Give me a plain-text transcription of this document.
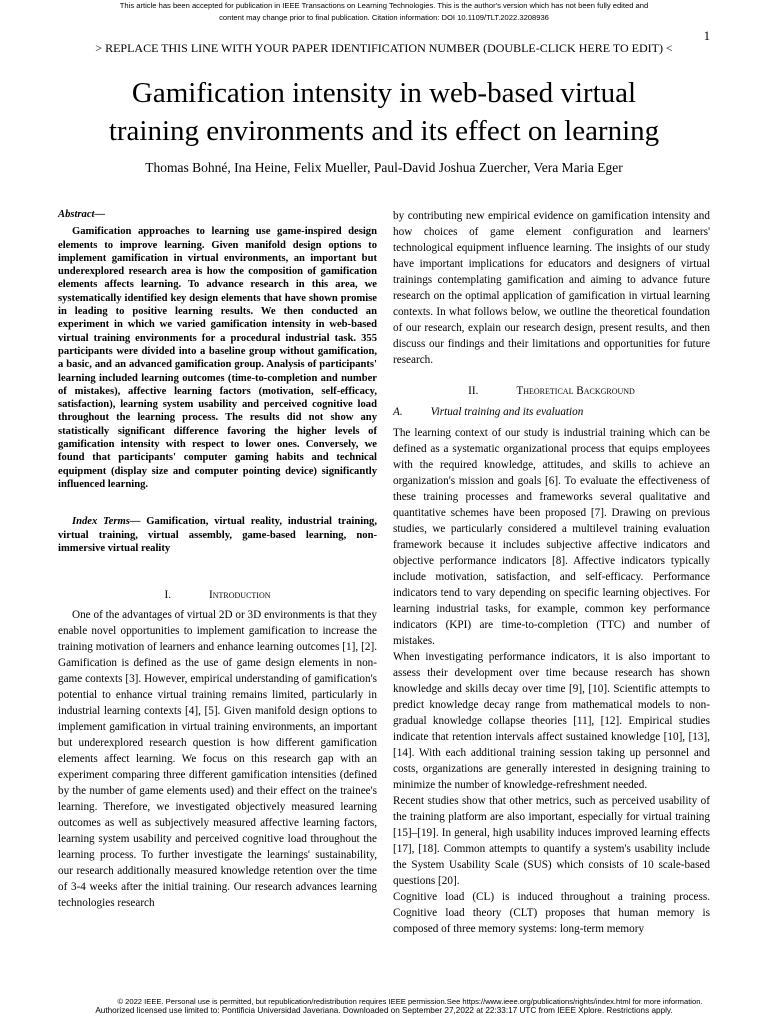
This article has been accepted for publication in IEEE Transactions on Learning Technologies. This is the author's version which has not been fully edited and
content may change prior to final publication. Citation information: DOI 10.1109/TLT.2022.3208936
1
> REPLACE THIS LINE WITH YOUR PAPER IDENTIFICATION NUMBER (DOUBLE-CLICK HERE TO EDIT) <
Gamification intensity in web-based virtual
training environments and its effect on learning
Thomas Bohné, Ina Heine, Felix Mueller, Paul-David Joshua Zuercher, Vera Maria Eger
Abstract—
Gamification approaches to learning use game-inspired design elements to improve learning. Given manifold design options to implement gamification in virtual environments, an important but underexplored research area is how the composition of gamification elements affects learning. To advance research in this area, we systematically identified key design elements that have shown promise in leading to positive learning results. We then conducted an experiment in which we varied gamification intensity in web-based virtual training environments for a procedural industrial task. 355 participants were divided into a baseline group without gamification, a basic, and an advanced gamification group. Analysis of participants' learning included learning outcomes (time-to-completion and number of mistakes), affective learning factors (motivation, self-efficacy, satisfaction), learning system usability and perceived cognitive load throughout the learning process. The results did not show any statistically significant difference favoring the higher levels of gamification intensity with respect to lower ones. Conversely, we found that participants' computer gaming habits and technical equipment (display size and computer pointing device) significantly influenced learning.
Index Terms— Gamification, virtual reality, industrial training, virtual training, virtual assembly, game-based learning, non-immersive virtual reality
I.	Introduction

One of the advantages of virtual 2D or 3D environments is that they enable novel opportunities to implement gamification to increase the training motivation of learners and enhance learning outcomes [1], [2]. Gamification is defined as the use of game design elements in non-game contexts [3]. However, empirical understanding of gamification's potential to enhance virtual training remains limited, particularly in industrial learning contexts [4], [5]. Given manifold design options to implement gamification in virtual training environments, an important but underexplored research question is how different gamification elements affect learning. We focus on this research gap with an experiment comparing three different gamification intensities (defined by the number of game elements used) and their effect on the trainee's learning. Therefore, we investigated objectively measured learning outcomes as well as subjectively measured affective learning factors, learning system usability and perceived cognitive load throughout the learning process. To further investigate the learnings' sustainability, our research additionally measured knowledge retention over the time of 3-4 weeks after the initial training. Our research advances learning technologies research

by contributing new empirical evidence on gamification intensity and how choices of game element configuration and learners' technological equipment influence learning. The insights of our study have important implications for educators and designers of virtual trainings contemplating gamification and aiming to advance future research on the optimal application of gamification in virtual learning contexts. In what follows below, we outline the theoretical foundation of our research, explain our research design, present results, and then discuss our findings and their limitations and opportunities for future research.

II.	Theoretical Background
A.	Virtual training and its evaluation

The learning context of our study is industrial training which can be defined as a systematic organizational process that equips employees with the required knowledge, attitudes, and skills to achieve an organization's mission and goals [6]. To evaluate the effectiveness of these training processes and frameworks several qualitative and quantitative schemes have been proposed [7]. Drawing on previous studies, we particularly considered a multilevel training evaluation framework because it includes subjective affective indicators and objective performance indicators [8]. Affective indicators typically include motivation, satisfaction, and self-efficacy. Performance indicators tend to vary depending on specific learning objectives. For learning industrial tasks, for example, common key performance indicators (KPI) are time-to-completion (TTC) and number of mistakes.

When investigating performance indicators, it is also important to assess their development over time because research has shown knowledge and skills decay over time [9], [10]. Scientific attempts to predict knowledge decay range from mathematical models to non-gradual knowledge collapse theories [11], [12]. Empirical studies indicate that retention intervals affect sustained knowledge [10], [13], [14]. With each additional training session taking up personnel and costs, organizations are generally interested in designing training to minimize the number of knowledge-refreshment needed.

Recent studies show that other metrics, such as perceived usability of the training platform are also important, especially for virtual training [15]–[19]. In general, high usability induces improved learning effects [17], [18]. Common attempts to quantify a system's usability include the System Usability Scale (SUS) which consists of 10 scale-based questions [20].

Cognitive load (CL) is induced throughout a training process. Cognitive load theory (CLT) proposes that human memory is composed of three memory systems: long-term memory

© 2022 IEEE. Personal use is permitted, but republication/redistribution requires IEEE permission.See https://www.ieee.org/publications/rights/index.html for more information.
Authorized licensed use limited to: Pontificia Universidad Javeriana. Downloaded on September 27,2022 at 22:33:17 UTC from IEEE Xplore. Restrictions apply.
